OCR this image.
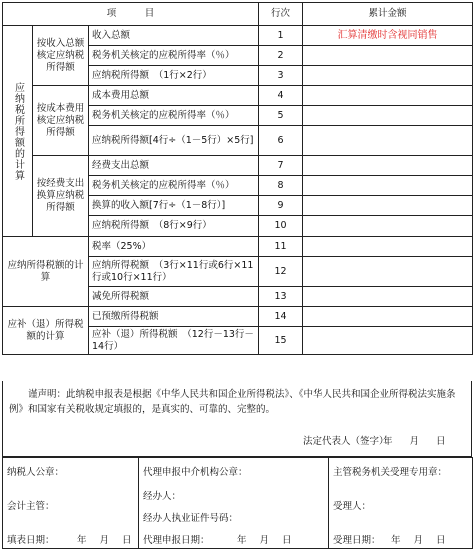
项　　　目			行次	累计金额

应纳税所得额的计算	按收入总额核定应纳税所得额	收入总额	1	汇算清缴时含视同销售
		税务机关核定的应税所得率（％）	2	
		应纳税所得额　（1行×2行）	3	
	按成本费用核定应纳税所得额	成本费用总额	4	
		税务机关核定的应税所得率（％）	5	
		应纳税所得额[4行÷（1－5行）×5行]	6	
	按经费支出换算应纳税所得额	经费支出总额	7	
		税务机关核定的应税所得率（％）	8	
		换算的收入额[7行÷（1－8行）]	9	
		应纳税所得额　（8行×9行）	10	
应纳所得税额的计算		税率（25%）	11	
		应纳所得税额　（3行×11行或6行×11行或10行×11行）	12	
		减免所得税额	13	
应补（退）所得税额的计算		已预缴所得税额	14	
		应补（退）所得税额　（12行－13行－14行）	15	
谨声明：此纳税申报表是根据《中华人民共和国企业所得税法》、《中华人民共和国企业所得税法实施条例》和国家有关税收规定填报的，是真实的、可靠的、完整的。
法定代表人（签字）：
年 月 日
纳税人公章：
会计主管：
填表日期： 年 月 日

代理申报中介机构公章：
经办人：
经办人执业证件号码：
代理申报日期：	年 月 日

主管税务机关受理专用章：
受理人：
受理日期： 年 月 日
